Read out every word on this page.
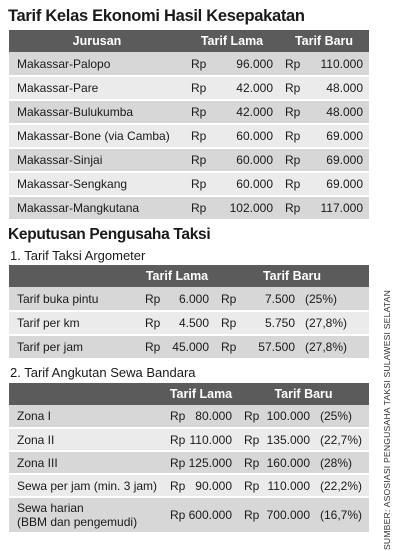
Tarif Kelas Ekonomi Hasil Kesepakatan
Jurusan	Tarif Lama		Tarif Baru	
Makassar-Palopo	Rp	96.000	Rp	110.000
Makassar-Pare	Rp	42.000	Rp	48.000
Makassar-Bulukumba	Rp	42.000	Rp	48.000
Makassar-Bone (via Camba)	Rp	60.000	Rp	69.000
Makassar-Sinjai	Rp	60.000	Rp	69.000
Makassar-Sengkang	Rp	60.000	Rp	69.000
Makassar-Mangkutana	Rp	102.000	Rp	117.000
Keputusan Pengusaha Taksi
1. Tarif Taksi Argometer
	Tarif Lama		Tarif Baru		
Tarif buka pintu	Rp	6.000	Rp	7.500	(25%)
Tarif per km	Rp	4.500	Rp	5.750	(27,8%)
Tarif per jam	Rp	45.000	Rp	57.500	(27,8%)
2. Tarif Angkutan Sewa Bandara
	Tarif Lama		Tarif Baru		
Zona I	Rp	80.000	Rp	100.000	(25%)
Zona II	Rp	110.000	Rp	135.000	(22,7%)
Zona III	Rp	125.000	Rp	160.000	(28%)
Sewa per jam (min. 3 jam)	Rp	90.000	Rp	110.000	(22,2%)

Sewa harian
(BBM dan pengemudi)	Rp	600.000	Rp	700.000	(16,7%) SUMBER: ASOSIASI PENGUSAHA TAKSI SULAWESI SELATAN
